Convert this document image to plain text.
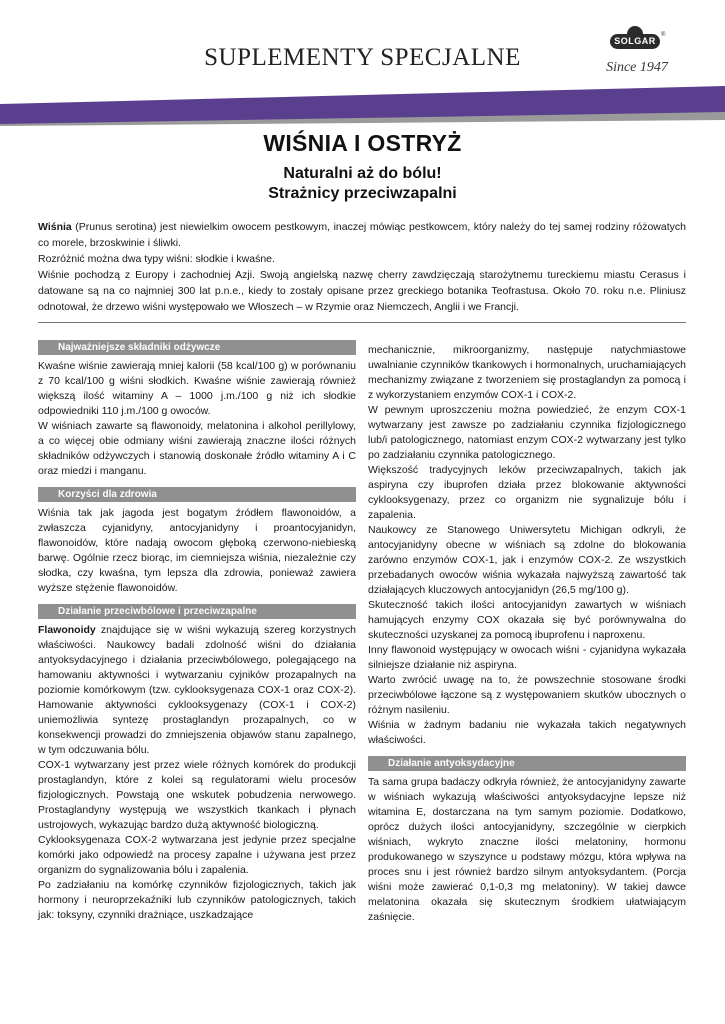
SUPLEMENTY SPECJALNE
SOLGAR
®
Since 1947
WIŚNIA I OSTRYŻ
Naturalni aż do bólu!
Strażnicy przeciwzapalni

Wiśnia (Prunus serotina) jest niewielkim owocem pestkowym, inaczej mówiąc pestkowcem, który należy do tej samej rodziny różowatych co morele, brzoskwinie i śliwki.

Rozróżnić można dwa typy wiśni: słodkie i kwaśne.

Wiśnie pochodzą z Europy i zachodniej Azji. Swoją angielską nazwę cherry zawdzięczają starożytnemu tureckiemu miastu Cerasus i datowane są na co najmniej 300 lat p.n.e., kiedy to zostały opisane przez greckiego botanika Teofrastusa. Około 70. roku n.e. Pliniusz odnotował, że drzewo wiśni występowało we Włoszech – w Rzymie oraz Niemczech, Anglii i we Francji.

Najważniejsze składniki odżywcze

Kwaśne wiśnie zawierają mniej kalorii (58 kcal/100 g) w porównaniu z 70 kcal/100 g wiśni słodkich. Kwaśne wiśnie zawierają również większą ilość witaminy A – 1000 j.m./100 g niż ich słodkie odpowiedniki 110 j.m./100 g owoców.

W wiśniach zawarte są flawonoidy, melatonina i alkohol perillylowy, a co więcej obie odmiany wiśni zawierają znaczne ilości różnych składników odżywczych i stanowią doskonałe źródło witaminy A i C oraz miedzi i manganu.

Korzyści dla zdrowia

Wiśnia tak jak jagoda jest bogatym źródłem flawonoidów, a zwłaszcza cyjanidyny, antocyjanidyny i proantocyjanidyn, flawonoidów, które nadają owocom głęboką czerwono-niebieską barwę. Ogólnie rzecz biorąc, im ciemniejsza wiśnia, niezależnie czy słodka, czy kwaśna, tym lepsza dla zdrowia, ponieważ zawiera wyższe stężenie flawonoidów.

Działanie przeciwbólowe i przeciwzapalne

Flawonoidy znajdujące się w wiśni wykazują szereg korzystnych właściwości. Naukowcy badali zdolność wiśni do działania antyoksydacyjnego i działania przeciwbólowego, polegającego na hamowaniu aktywności i wytwarzaniu cyjników prozapalnych na poziomie komórkowym (tzw. cyklooksygenaza COX-1 oraz COX-2). Hamowanie aktywności cyklooksygenazy (COX-1 i COX-2) uniemożliwia syntezę prostaglandyn prozapalnych, co w konsekwencji prowadzi do zmniejszenia objawów stanu zapalnego, w tym odczuwania bólu.

COX-1 wytwarzany jest przez wiele różnych komórek do produkcji prostaglandyn, które z kolei są regulatorami wielu procesów fizjologicznych. Powstają one wskutek pobudzenia nerwowego. Prostaglandyny występują we wszystkich tkankach i płynach ustrojowych, wykazując bardzo dużą aktywność biologiczną.

Cyklooksygenaza COX-2 wytwarzana jest jedynie przez specjalne komórki jako odpowiedź na procesy zapalne i używana jest przez organizm do sygnalizowania bólu i zapalenia.

Po zadziałaniu na komórkę czynników fizjologicznych, takich jak hormony i neuroprzekaźniki lub czynników patologicznych, takich jak: toksyny, czynniki drażniące, uszkadzające

mechanicznie, mikroorganizmy, następuje natychmiastowe uwalnianie czynników tkankowych i hormonalnych, uruchamiających mechanizmy związane z tworzeniem się prostaglandyn za pomocą i z wykorzystaniem enzymów COX-1 i COX-2.

W pewnym uproszczeniu można powiedzieć, że enzym COX-1 wytwarzany jest zawsze po zadziałaniu czynnika fizjologicznego lub/i patologicznego, natomiast enzym COX-2 wytwarzany jest tylko po zadziałaniu czynnika patologicznego.

Większość tradycyjnych leków przeciwzapalnych, takich jak aspiryna czy ibuprofen działa przez blokowanie aktywności cyklooksygenazy, przez co organizm nie sygnalizuje bólu i zapalenia.

Naukowcy ze Stanowego Uniwersytetu Michigan odkryli, że antocyjanidyny obecne w wiśniach są zdolne do blokowania zarówno enzymów COX-1, jak i enzymów COX-2. Ze wszystkich przebadanych owoców wiśnia wykazała najwyższą zawartość tak działających kluczowych antocyjanidyn (26,5 mg/100 g).

Skuteczność takich ilości antocyjanidyn zawartych w wiśniach hamujących enzymy COX okazała się być porównywalna do skuteczności uzyskanej za pomocą ibuprofenu i naproxenu.

Inny flawonoid występujący w owocach wiśni - cyjanidyna wykazała silniejsze działanie niż aspiryna.

Warto zwrócić uwagę na to, że powszechnie stosowane środki przeciwbólowe łączone są z występowaniem skutków ubocznych o różnym nasileniu.

Wiśnia w żadnym badaniu nie wykazała takich negatywnych właściwości.

Działanie antyoksydacyjne

Ta sama grupa badaczy odkryła również, że antocyjanidyny zawarte w wiśniach wykazują właściwości antyoksydacyjne lepsze niż witamina E, dostarczana na tym samym poziomie. Dodatkowo, oprócz dużych ilości antocyjanidyny, szczególnie w cierpkich wiśniach, wykryto znaczne ilości melatoniny, hormonu produkowanego w szyszynce u podstawy mózgu, która wpływa na proces snu i jest również bardzo silnym antyoksydantem. (Porcja wiśni może zawierać 0,1-0,3 mg melatoniny). W takiej dawce melatonina okazała się skutecznym środkiem ułatwiającym zaśnięcie.
